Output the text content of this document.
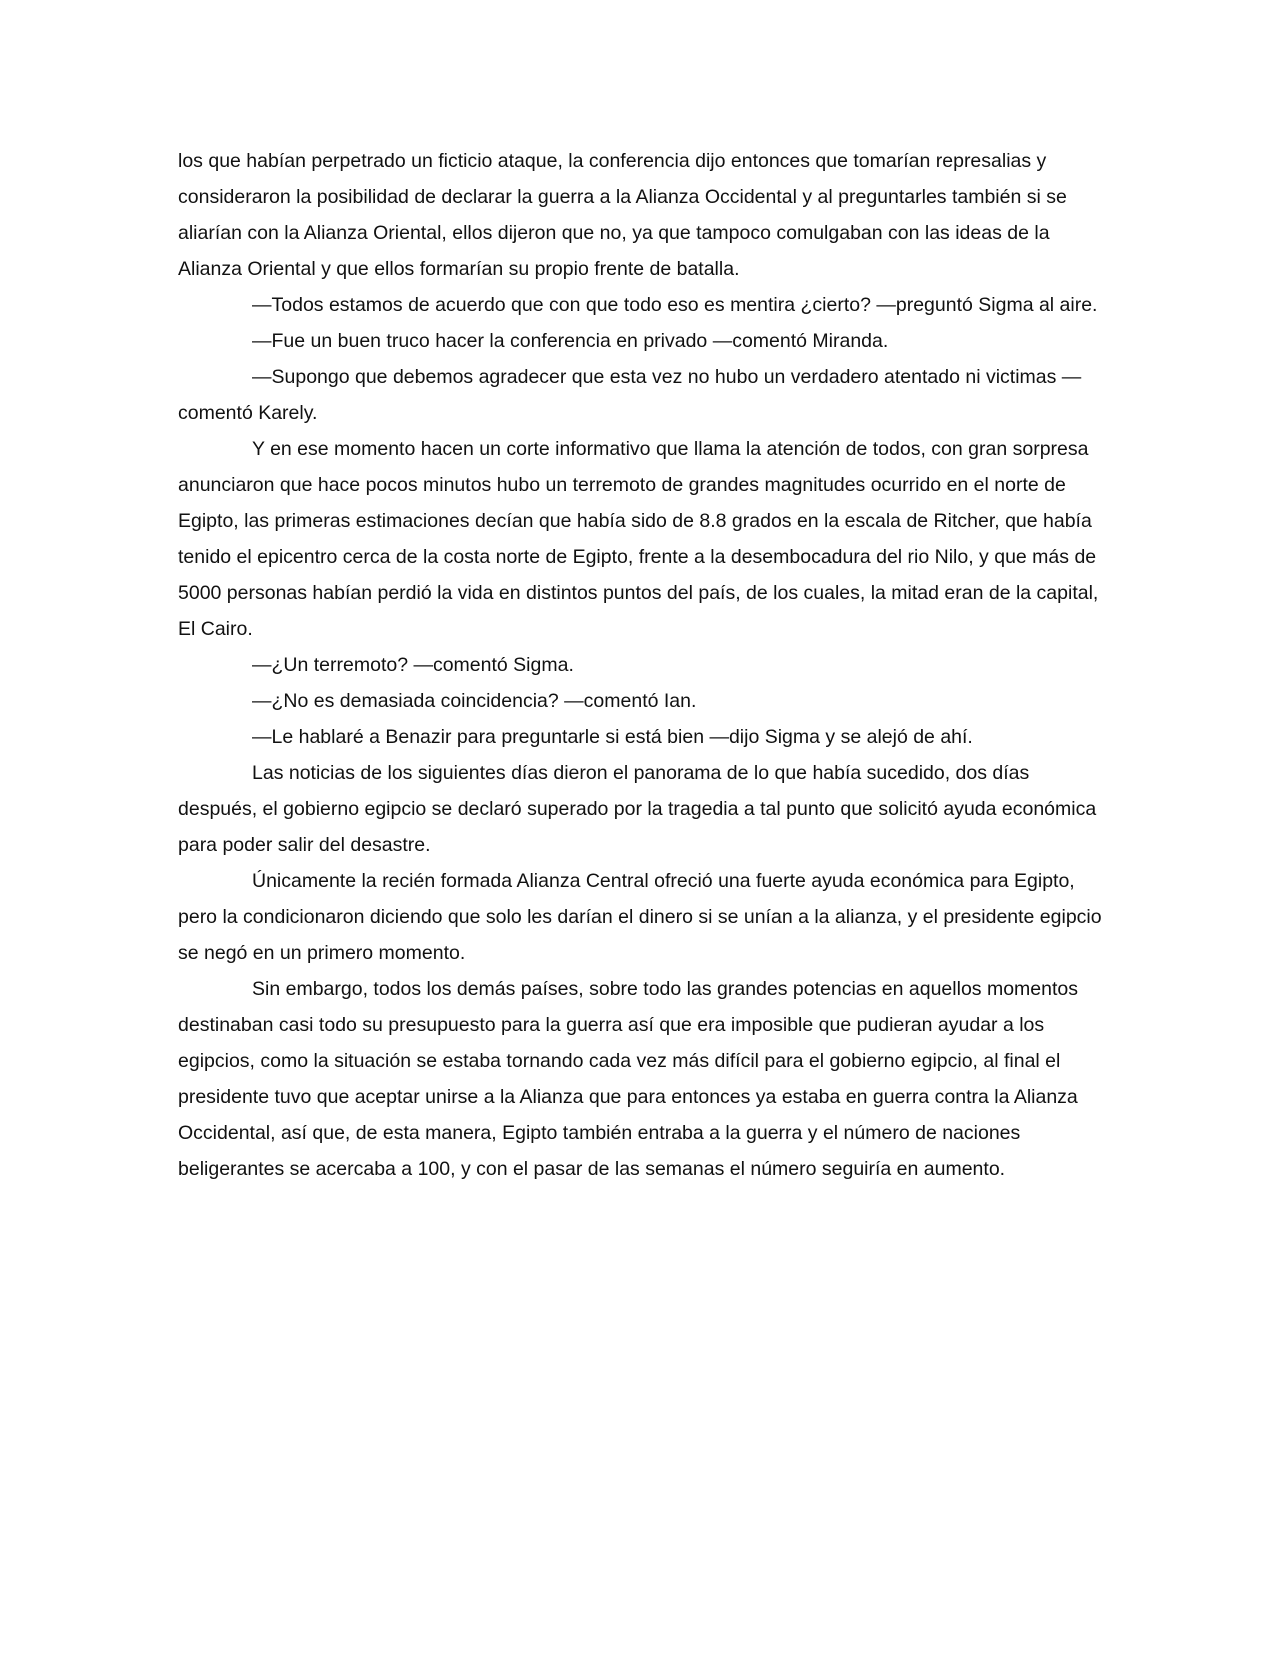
los que habían perpetrado un ficticio ataque, la conferencia dijo entonces que tomarían represalias y consideraron la posibilidad de declarar la guerra a la Alianza Occidental y al preguntarles también si se aliarían con la Alianza Oriental, ellos dijeron que no, ya que tampoco comulgaban con las ideas de la Alianza Oriental y que ellos formarían su propio frente de batalla.

—Todos estamos de acuerdo que con que todo eso es mentira ¿cierto? —preguntó Sigma al aire.

—Fue un buen truco hacer la conferencia en privado —comentó Miranda.

—Supongo que debemos agradecer que esta vez no hubo un verdadero atentado ni victimas —comentó Karely.

Y en ese momento hacen un corte informativo que llama la atención de todos, con gran sorpresa anunciaron que hace pocos minutos hubo un terremoto de grandes magnitudes ocurrido en el norte de Egipto, las primeras estimaciones decían que había sido de 8.8 grados en la escala de Ritcher, que había tenido el epicentro cerca de la costa norte de Egipto, frente a la desembocadura del rio Nilo, y que más de 5000 personas habían perdió la vida en distintos puntos del país, de los cuales, la mitad eran de la capital, El Cairo.

—¿Un terremoto? —comentó Sigma.

—¿No es demasiada coincidencia? —comentó Ian.

—Le hablaré a Benazir para preguntarle si está bien —dijo Sigma y se alejó de ahí.

Las noticias de los siguientes días dieron el panorama de lo que había sucedido, dos días después, el gobierno egipcio se declaró superado por la tragedia a tal punto que solicitó ayuda económica para poder salir del desastre.

Únicamente la recién formada Alianza Central ofreció una fuerte ayuda económica para Egipto, pero la condicionaron diciendo que solo les darían el dinero si se unían a la alianza, y el presidente egipcio se negó en un primero momento.

Sin embargo, todos los demás países, sobre todo las grandes potencias en aquellos momentos destinaban casi todo su presupuesto para la guerra así que era imposible que pudieran ayudar a los egipcios, como la situación se estaba tornando cada vez más difícil para el gobierno egipcio, al final el presidente tuvo que aceptar unirse a la Alianza que para entonces ya estaba en guerra contra la Alianza Occidental, así que, de esta manera, Egipto también entraba a la guerra y el número de naciones beligerantes se acercaba a 100, y con el pasar de las semanas el número seguiría en aumento.
